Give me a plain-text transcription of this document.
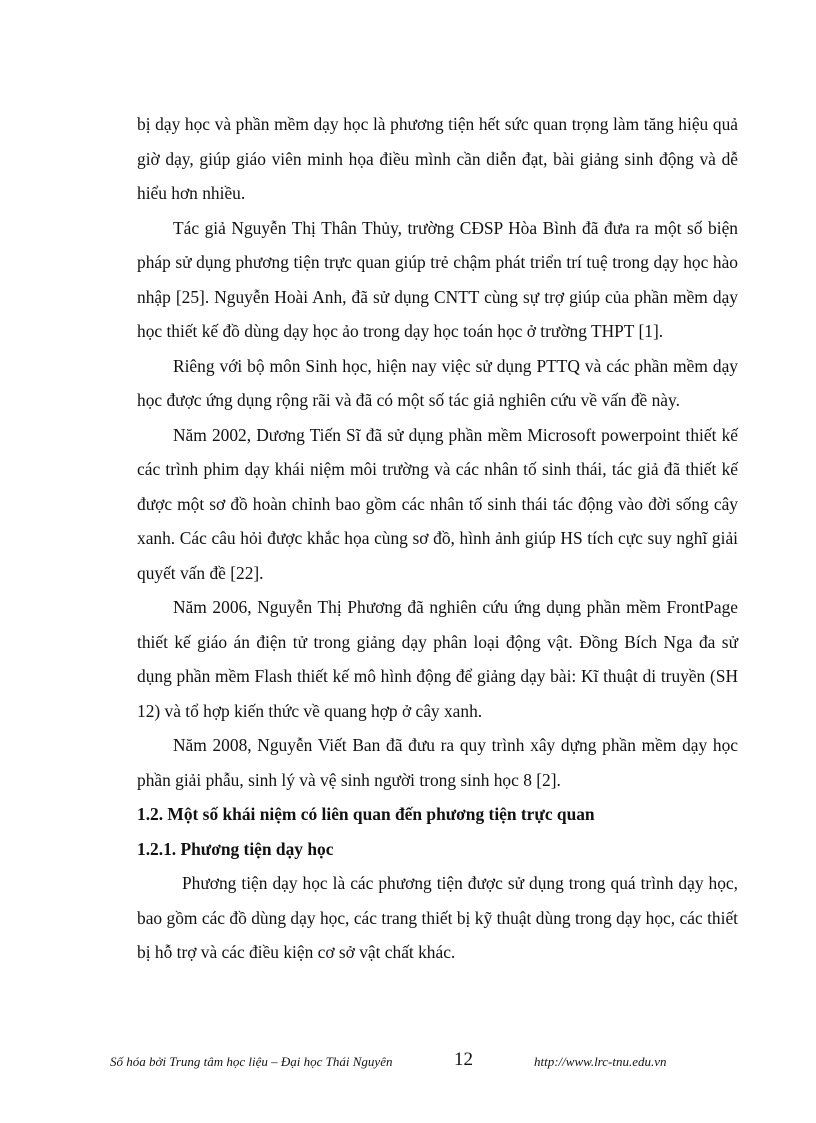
bị dạy học và phần mềm dạy học là phương tiện hết sức quan trọng làm tăng hiệu quả giờ dạy, giúp giáo viên minh họa điều mình cần diễn đạt, bài giảng sinh động và dễ hiểu hơn nhiều.

Tác giả Nguyễn Thị Thân Thủy, trường CĐSP Hòa Bình đã đưa ra một số biện pháp sử dụng phương tiện trực quan giúp trẻ chậm phát triển trí tuệ trong dạy học hào nhập [25]. Nguyễn Hoài Anh, đã sử dụng CNTT cùng sự trợ giúp của phần mềm dạy học thiết kế đồ dùng dạy học ảo trong dạy học toán học ở trường THPT [1].

Riêng với bộ môn Sinh học, hiện nay việc sử dụng PTTQ và các phần mềm dạy học được ứng dụng rộng rãi và đã có một số tác giả nghiên cứu về vấn đề này.

Năm 2002, Dương Tiến Sĩ đã sử dụng phần mềm Microsoft powerpoint thiết kế các trình phim dạy khái niệm môi trường và các nhân tố sinh thái, tác giả đã thiết kế được một sơ đồ hoàn chỉnh bao gồm các nhân tố sinh thái tác động vào đời sống cây xanh. Các câu hỏi được khắc họa cùng sơ đồ, hình ảnh giúp HS tích cực suy nghĩ giải quyết vấn đề [22].

Năm 2006, Nguyễn Thị Phương đã nghiên cứu ứng dụng phần mềm FrontPage thiết kế giáo án điện tử trong giảng dạy phân loại động vật. Đồng Bích Nga đa sử dụng phần mềm Flash thiết kế mô hình động để giảng dạy bài: Kĩ thuật di truyền (SH 12) và tổ hợp kiến thức về quang hợp ở cây xanh.

Năm 2008, Nguyễn Viết Ban đã đưu ra quy trình xây dựng phần mềm dạy học phần giải phẫu, sinh lý và vệ sinh người trong sinh học 8 [2].

1.2. Một số khái niệm có liên quan đến phương tiện trực quan
1.2.1. Phương tiện dạy học

Phương tiện dạy học là các phương tiện được sử dụng trong quá trình dạy học, bao gồm các đồ dùng dạy học, các trang thiết bị kỹ thuật dùng trong dạy học, các thiết bị hỗ trợ và các điều kiện cơ sở vật chất khác.

Số hóa bởi Trung tâm học liệu – Đại học Thái Nguyên	12	http://www.lrc-tnu.edu.vn
